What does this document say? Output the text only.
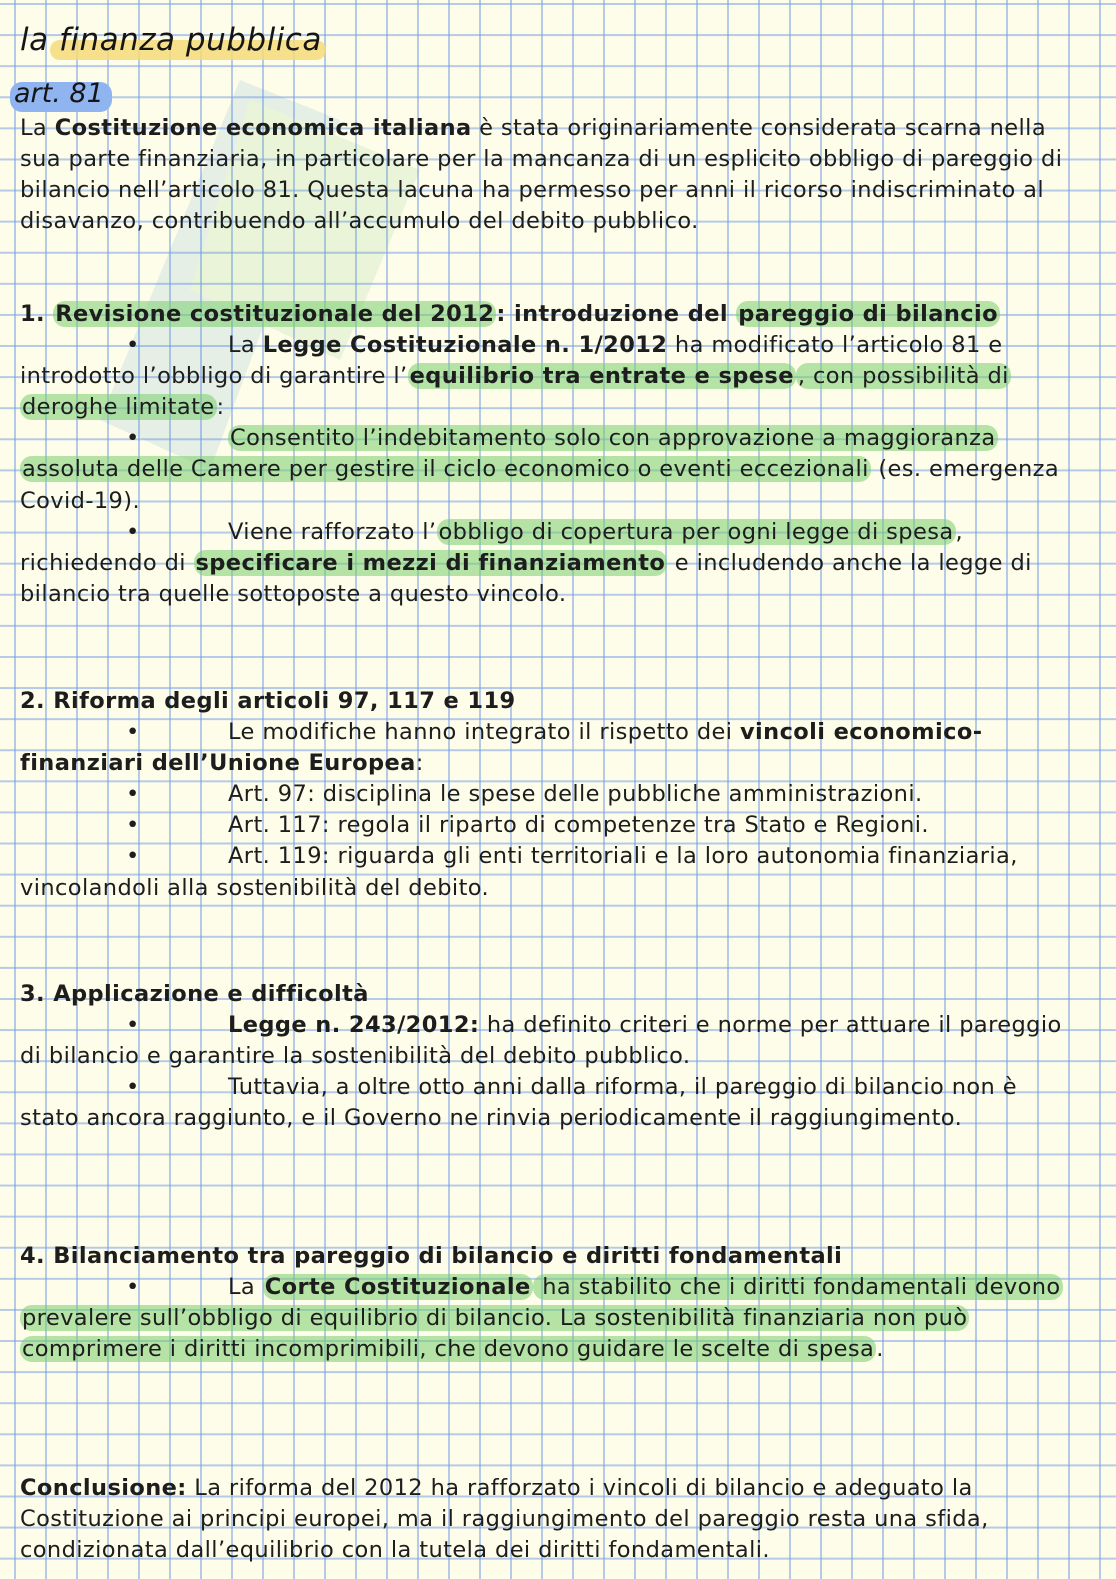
la finanza pubblica
art. 81

La Costituzione economica italiana è stata originariamente considerata scarna nella sua parte finanziaria, in particolare per la mancanza di un esplicito obbligo di pareggio di bilancio nell’articolo 81. Questa lacuna ha permesso per anni il ricorso indiscriminato al disavanzo, contribuendo all’accumulo del debito pubblico.

1. Revisione costituzionale del 2012: introduzione del pareggio di bilancio

•	La Legge Costituzionale n. 1/2012 ha modificato l’articolo 81 e introdotto l’obbligo di garantire l’equilibrio tra entrate e spese , con possibilità di deroghe limitate:

•	Consentito l’indebitamento solo con approvazione a maggioranza assoluta delle Camere per gestire il ciclo economico o eventi eccezionali (es. emergenza Covid-19).

•	Viene rafforzato l’obbligo di copertura per ogni legge di spesa, richiedendo di specificare i mezzi di finanziamento e includendo anche la legge di bilancio tra quelle sottoposte a questo vincolo.

2. Riforma degli articoli 97, 117 e 119

•	Le modifiche hanno integrato il rispetto dei vincoli economico-finanziari dell’Unione Europea:

•	Art. 97: disciplina le spese delle pubbliche amministrazioni.

•	Art. 117: regola il riparto di competenze tra Stato e Regioni.

•	Art. 119: riguarda gli enti territoriali e la loro autonomia finanziaria, vincolandoli alla sostenibilità del debito.

3. Applicazione e difficoltà

•	Legge n. 243/2012: ha definito criteri e norme per attuare il pareggio di bilancio e garantire la sostenibilità del debito pubblico.

•	Tuttavia, a oltre otto anni dalla riforma, il pareggio di bilancio non è stato ancora raggiunto, e il Governo ne rinvia periodicamente il raggiungimento.

4. Bilanciamento tra pareggio di bilancio e diritti fondamentali

•	La Corte Costituzionale ha stabilito che i diritti fondamentali devono prevalere sull’obbligo di equilibrio di bilancio. La sostenibilità finanziaria non può comprimere i diritti incomprimibili, che devono guidare le scelte di spesa.

Conclusione: La riforma del 2012 ha rafforzato i vincoli di bilancio e adeguato la Costituzione ai principi europei, ma il raggiungimento del pareggio resta una sfida, condizionata dall’equilibrio con la tutela dei diritti fondamentali.
